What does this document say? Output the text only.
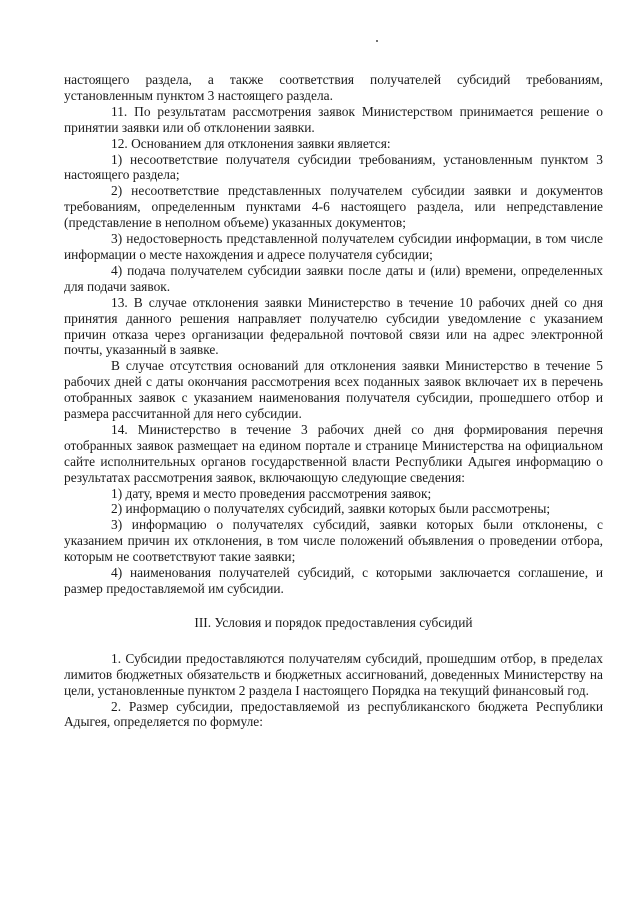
настоящего раздела, а также соответствия получателей субсидий требованиям, установленным пунктом 3 настоящего раздела.

11. По результатам рассмотрения заявок Министерством принимается решение о принятии заявки или об отклонении заявки.

12. Основанием для отклонения заявки является:

1) несоответствие получателя субсидии требованиям, установленным пунктом 3 настоящего раздела;

2) несоответствие представленных получателем субсидии заявки и документов требованиям, определенным пунктами 4-6 настоящего раздела, или непредставление (представление в неполном объеме) указанных документов;

3) недостоверность представленной получателем субсидии информации, в том числе информации о месте нахождения и адресе получателя субсидии;

4) подача получателем субсидии заявки после даты и (или) времени, определенных для подачи заявок.

13. В случае отклонения заявки Министерство в течение 10 рабочих дней со дня принятия данного решения направляет получателю субсидии уведомление с указанием причин отказа через организации федеральной почтовой связи или на адрес электронной почты, указанный в заявке.

В случае отсутствия оснований для отклонения заявки Министерство в течение 5 рабочих дней с даты окончания рассмотрения всех поданных заявок включает их в перечень отобранных заявок с указанием наименования получателя субсидии, прошедшего отбор и размера рассчитанной для него субсидии.

14. Министерство в течение 3 рабочих дней со дня формирования перечня отобранных заявок размещает на едином портале и странице Министерства на официальном сайте исполнительных органов государственной власти Республики Адыгея информацию о результатах рассмотрения заявок, включающую следующие сведения:

1) дату, время и место проведения рассмотрения заявок;

2) информацию о получателях субсидий, заявки которых были рассмотрены;

3) информацию о получателях субсидий, заявки которых были отклонены, с указанием причин их отклонения, в том числе положений объявления о проведении отбора, которым не соответствуют такие заявки;

4) наименования получателей субсидий, с которыми заключается соглашение, и размер предоставляемой им субсидии.

III. Условия и порядок предоставления субсидий

1. Субсидии предоставляются получателям субсидий, прошедшим отбор, в пределах лимитов бюджетных обязательств и бюджетных ассигнований, доведенных Министерству на цели, установленные пунктом 2 раздела I настоящего Порядка на текущий финансовый год.

2. Размер субсидии, предоставляемой из республиканского бюджета Республики Адыгея, определяется по формуле:
